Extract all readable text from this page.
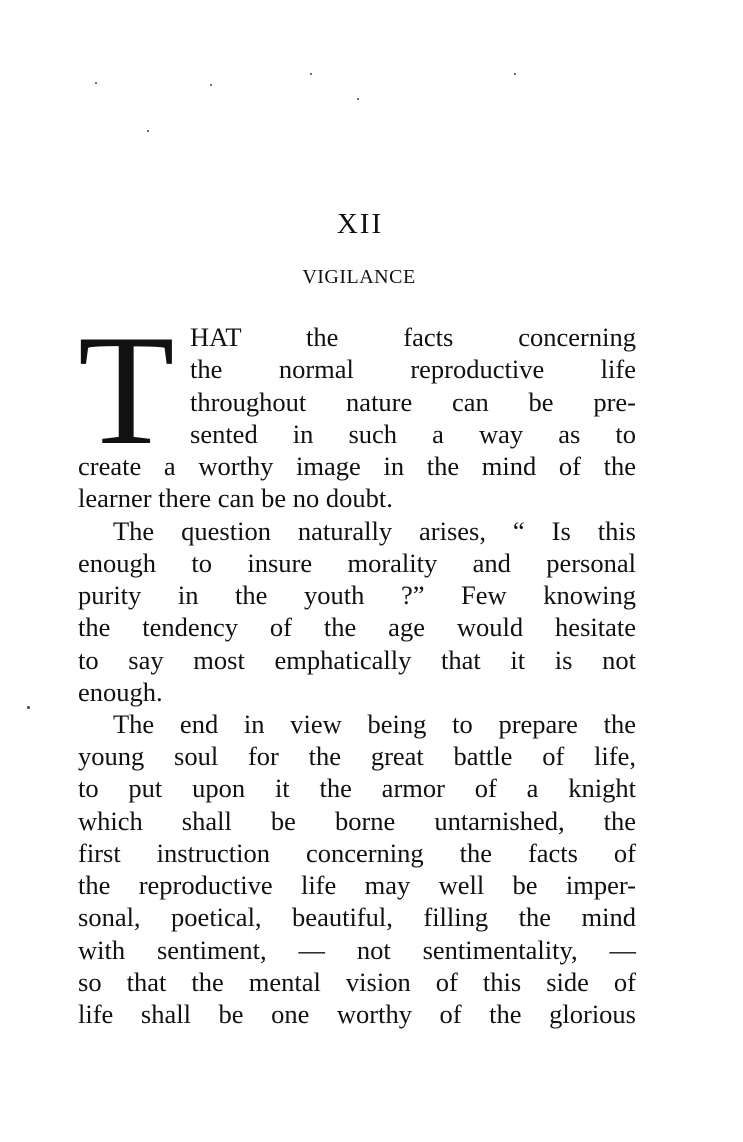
XII
VIGILANCE
T HAT the facts concerning
the normal reproductive life
throughout nature can be pre-
sented in such a way as to
create a worthy image in the mind of the
learner there can be no doubt.
The question naturally arises, “ Is this
enough to insure morality and personal
purity in the youth ?” Few knowing
the tendency of the age would hesitate
to say most emphatically that it is not
enough.
The end in view being to prepare the
young soul for the great battle of life,
to put upon it the armor of a knight
which shall be borne untarnished, the
first instruction concerning the facts of
the reproductive life may well be imper-
sonal, poetical, beautiful, filling the mind
with sentiment, — not sentimentality, —
so that the mental vision of this side of
life shall be one worthy of the glorious
